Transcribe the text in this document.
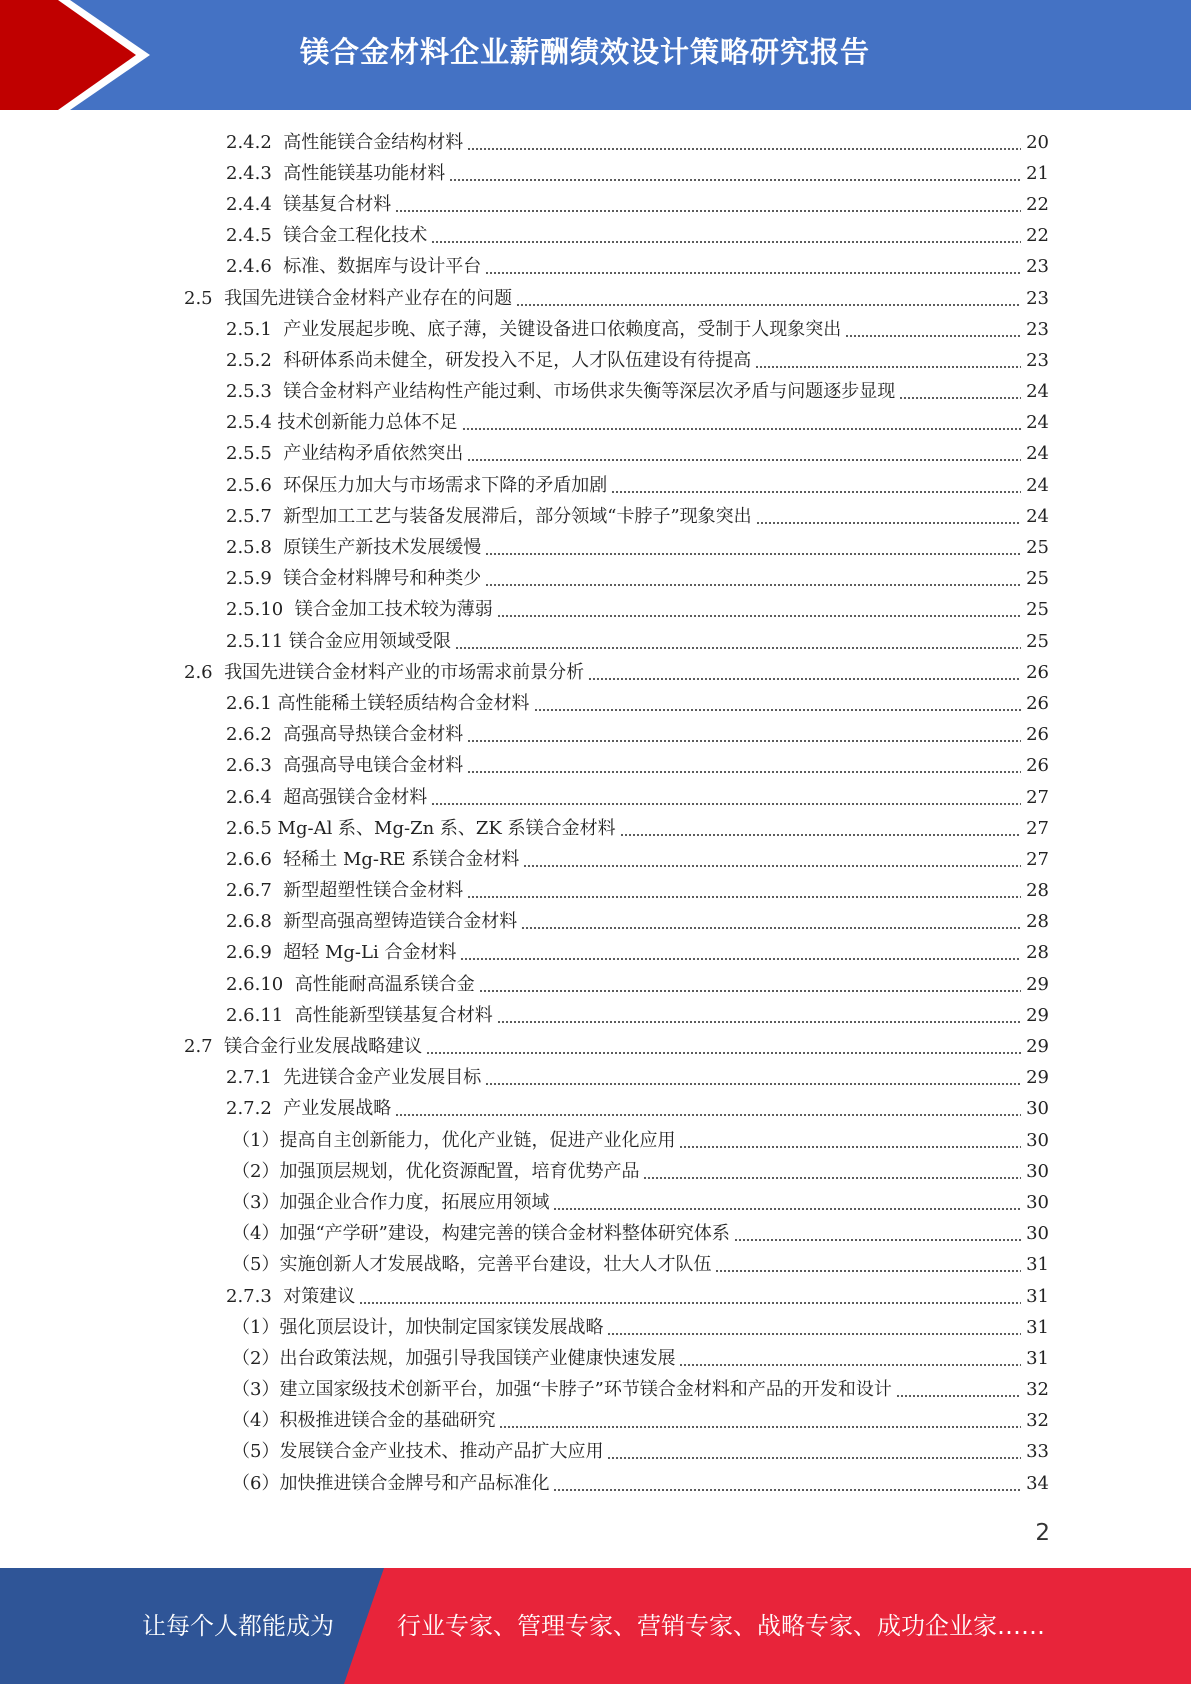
镁合金材料企业薪酬绩效设计策略研究报告
2.4.2 高性能镁合金结构材料	20
2.4.3 高性能镁基功能材料	21
2.4.4 镁基复合材料	22
2.4.5 镁合金工程化技术	22
2.4.6 标准、数据库与设计平台	23
2.5 我国先进镁合金材料产业存在的问题	23
2.5.1 产业发展起步晚、底子薄，关键设备进口依赖度高，受制于人现象突出	23
2.5.2 科研体系尚未健全，研发投入不足，人才队伍建设有待提高	23
2.5.3 镁合金材料产业结构性产能过剩、市场供求失衡等深层次矛盾与问题逐步显现	24
2.5.4 技术创新能力总体不足	24
2.5.5 产业结构矛盾依然突出	24
2.5.6 环保压力加大与市场需求下降的矛盾加剧	24
2.5.7 新型加工工艺与装备发展滞后，部分领域“卡脖子”现象突出	24
2.5.8 原镁生产新技术发展缓慢	25
2.5.9 镁合金材料牌号和种类少	25
2.5.10 镁合金加工技术较为薄弱	25
2.5.11 镁合金应用领域受限	25
2.6 我国先进镁合金材料产业的市场需求前景分析	26
2.6.1 高性能稀土镁轻质结构合金材料	26
2.6.2 高强高导热镁合金材料	26
2.6.3 高强高导电镁合金材料	26
2.6.4 超高强镁合金材料	27
2.6.5 Mg-Al 系、Mg-Zn 系、ZK 系镁合金材料	27
2.6.6 轻稀土 Mg-RE 系镁合金材料	27
2.6.7 新型超塑性镁合金材料	28
2.6.8 新型高强高塑铸造镁合金材料	28
2.6.9 超轻 Mg-Li 合金材料	28
2.6.10 高性能耐高温系镁合金	29
2.6.11 高性能新型镁基复合材料	29
2.7 镁合金行业发展战略建议	29
2.7.1 先进镁合金产业发展目标	29
2.7.2 产业发展战略	30
（1） 提高自主创新能力，优化产业链，促进产业化应用	30
（2） 加强顶层规划，优化资源配置，培育优势产品	30
（3） 加强企业合作力度，拓展应用领域	30
（4） 加强“产学研”建设，构建完善的镁合金材料整体研究体系	30
（5） 实施创新人才发展战略，完善平台建设，壮大人才队伍	31
2.7.3 对策建议	31
（1） 强化顶层设计，加快制定国家镁发展战略	31
（2） 出台政策法规，加强引导我国镁产业健康快速发展	31
（3） 建立国家级技术创新平台，加强“卡脖子”环节镁合金材料和产品的开发和设计	32
（4） 积极推进镁合金的基础研究	32
（5） 发展镁合金产业技术、推动产品扩大应用	33
（6） 加快推进镁合金牌号和产品标准化	34
2
让每个人都能成为	行业专家、管理专家、营销专家、战略专家、成功企业家……
